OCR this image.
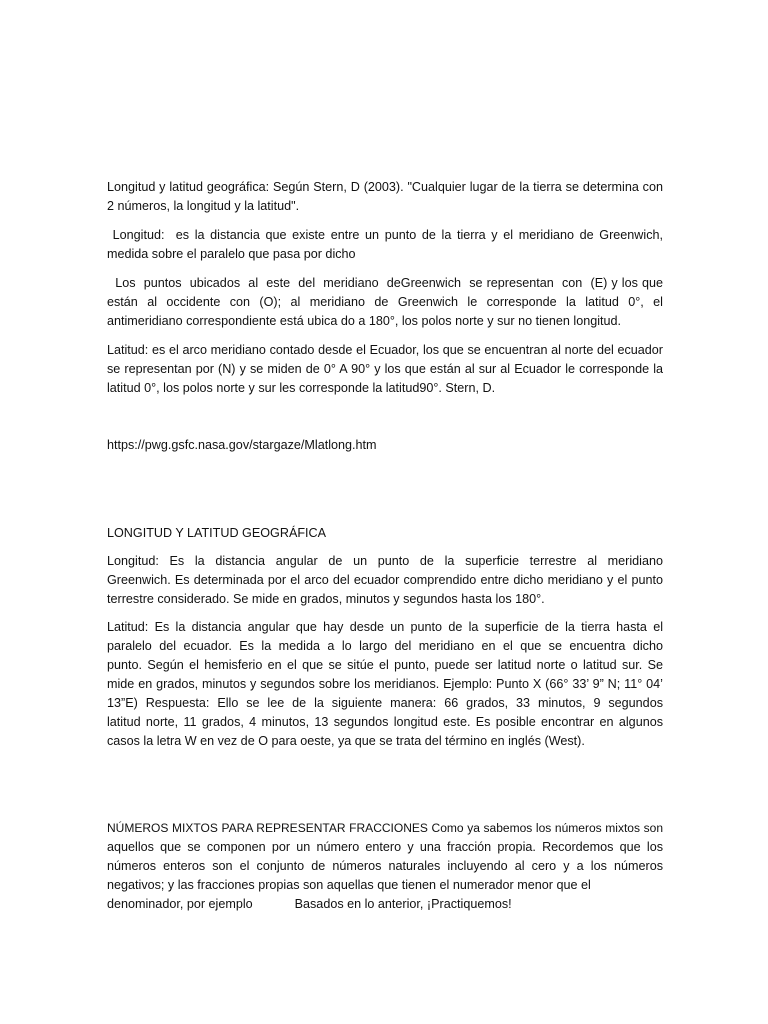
Longitud y latitud geográfica: Según Stern, D (2003). "Cualquier lugar de la tierra se determina con
2 números, la longitud y la latitud".
Longitud:  es la distancia que existe entre un punto de la tierra y el meridiano de Greenwich,
medida sobre el paralelo que pasa por dicho
Los  puntos  ubicados  al  este  del  meridiano  deGreenwich  se representan  con  (E) y los que
están al occidente con (O); al meridiano de Greenwich le corresponde la latitud 0°, el
antimeridiano correspondiente está ubica do a 180°, los polos norte y sur no tienen longitud.
Latitud: es el arco meridiano contado desde el Ecuador, los que se encuentran al norte del ecuador
se representan por (N) y se miden de 0° A 90° y los que están al sur al Ecuador le corresponde la
latitud 0°, los polos norte y sur les corresponde la latitud90°. Stern, D.
https://pwg.gsfc.nasa.gov/stargaze/Mlatlong.htm
LONGITUD Y LATITUD GEOGRÁFICA
Longitud: Es la distancia angular de un punto de la superficie terrestre al meridiano
Greenwich. Es determinada por el arco del ecuador comprendido entre dicho meridiano y el punto
terrestre considerado. Se mide en grados, minutos y segundos hasta los 180°.
Latitud: Es la distancia angular que hay desde un punto de la superficie de la tierra hasta el
paralelo del ecuador. Es la medida a lo largo del meridiano en el que se encuentra dicho
punto. Según el hemisferio en el que se sitúe el punto, puede ser latitud norte o latitud sur. Se
mide en grados, minutos y segundos sobre los meridianos. Ejemplo: Punto X (66° 33’ 9” N; 11° 04’
13”E) Respuesta: Ello se lee de la siguiente manera: 66 grados, 33 minutos, 9 segundos
latitud norte, 11 grados, 4 minutos, 13 segundos longitud este. Es posible encontrar en algunos
casos la letra W en vez de O para oeste, ya que se trata del término en inglés (West).
NÚMEROS MIXTOS PARA REPRESENTAR FRACCIONES Como ya sabemos los números mixtos son
aquellos que se componen por un número entero y una fracción propia. Recordemos que los
números enteros son el conjunto de números naturales incluyendo al cero y a los números
negativos; y las fracciones propias son aquellas que tienen el numerador menor que el
denominador, por ejemplo            Basados en lo anterior, ¡Practiquemos!
